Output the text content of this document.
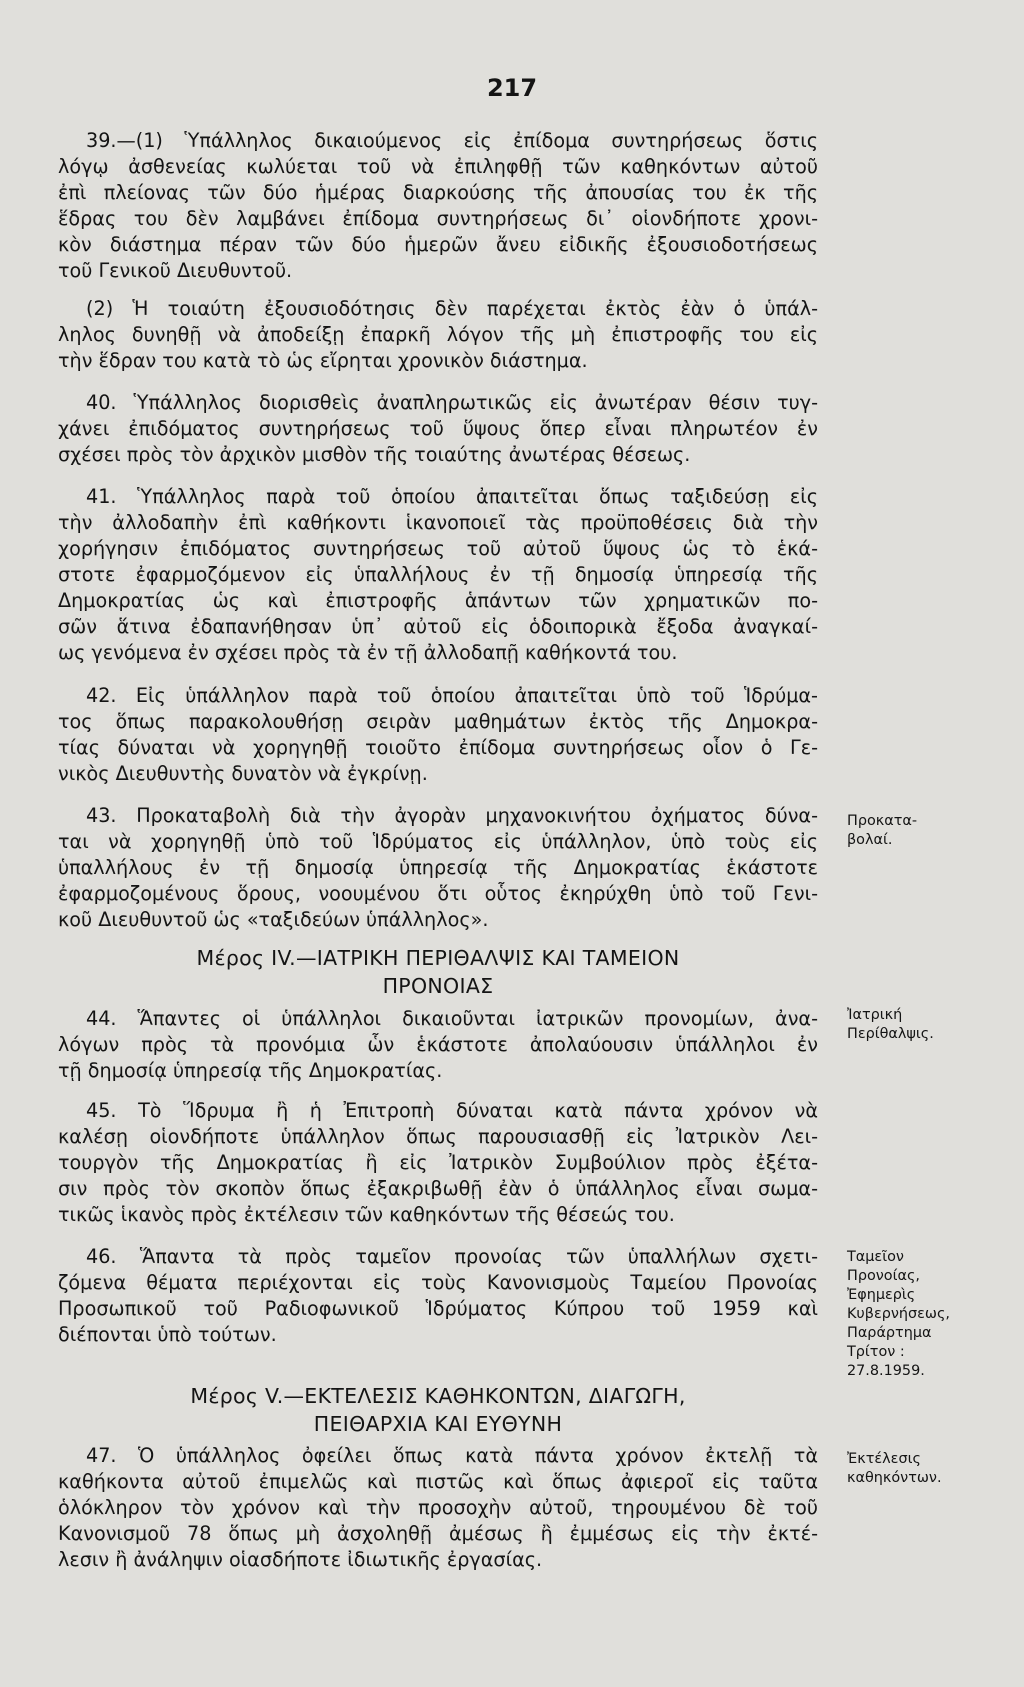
217
39.—(1) Ὑπάλληλος δικαιούμενος εἰς ἐπίδομα συντηρήσεως ὅστις
λόγῳ ἀσθενείας κωλύεται τοῦ νὰ ἐπιληφθῇ τῶν καθηκόντων αὐτοῦ
ἐπὶ πλείονας τῶν δύο ἡμέρας διαρκούσης τῆς ἀπουσίας του ἐκ τῆς
ἕδρας του δὲν λαμβάνει ἐπίδομα συντηρήσεως δι᾿ οἱονδήποτε χρονι-
κὸν διάστημα πέραν τῶν δύο ἡμερῶν ἄνευ εἰδικῆς ἐξουσιοδοτήσεως
τοῦ Γενικοῦ Διευθυντοῦ.
(2) Ἡ τοιαύτη ἐξουσιοδότησις δὲν παρέχεται ἐκτὸς ἐὰν ὁ ὑπάλ-
ληλος δυνηθῇ νὰ ἀποδείξῃ ἐπαρκῆ λόγον τῆς μὴ ἐπιστροφῆς του εἰς
τὴν ἕδραν του κατὰ τὸ ὡς εἴρηται χρονικὸν διάστημα.
40. Ὑπάλληλος διορισθεὶς ἀναπληρωτικῶς εἰς ἀνωτέραν θέσιν τυγ-
χάνει ἐπιδόματος συντηρήσεως τοῦ ὕψους ὅπερ εἶναι πληρωτέον ἐν
σχέσει πρὸς τὸν ἀρχικὸν μισθὸν τῆς τοιαύτης ἀνωτέρας θέσεως.
41. Ὑπάλληλος παρὰ τοῦ ὁποίου ἀπαιτεῖται ὅπως ταξιδεύσῃ εἰς
τὴν ἀλλοδαπὴν ἐπὶ καθήκοντι ἱκανοποιεῖ τὰς προϋποθέσεις διὰ τὴν
χορήγησιν ἐπιδόματος συντηρήσεως τοῦ αὐτοῦ ὕψους ὡς τὸ ἑκά-
στοτε ἐφαρμοζόμενον εἰς ὑπαλλήλους ἐν τῇ δημοσίᾳ ὑπηρεσίᾳ τῆς
Δημοκρατίας ὡς καὶ ἐπιστροφῆς ἁπάντων τῶν χρηματικῶν πο-
σῶν ἅτινα ἐδαπανήθησαν ὑπ᾿ αὐτοῦ εἰς ὁδοιπορικὰ ἔξοδα ἀναγκαί-
ως γενόμενα ἐν σχέσει πρὸς τὰ ἐν τῇ ἀλλοδαπῇ καθήκοντά του.
42. Εἰς ὑπάλληλον παρὰ τοῦ ὁποίου ἀπαιτεῖται ὑπὸ τοῦ Ἱδρύμα-
τος ὅπως παρακολουθήσῃ σειρὰν μαθημάτων ἐκτὸς τῆς Δημοκρα-
τίας δύναται νὰ χορηγηθῇ τοιοῦτο ἐπίδομα συντηρήσεως οἷον ὁ Γε-
νικὸς Διευθυντὴς δυνατὸν νὰ ἐγκρίνῃ.
43. Προκαταβολὴ διὰ τὴν ἀγορὰν μηχανοκινήτου ὀχήματος δύνα-
ται νὰ χορηγηθῇ ὑπὸ τοῦ Ἱδρύματος εἰς ὑπάλληλον, ὑπὸ τοὺς εἰς
ὑπαλλήλους ἐν τῇ δημοσίᾳ ὑπηρεσίᾳ τῆς Δημοκρατίας ἑκάστοτε
ἐφαρμοζομένους ὅρους, νοουμένου ὅτι οὗτος ἐκηρύχθη ὑπὸ τοῦ Γενι-
κοῦ Διευθυντοῦ ὡς «ταξιδεύων ὑπάλληλος».
44. Ἅπαντες οἱ ὑπάλληλοι δικαιοῦνται ἰατρικῶν προνομίων, ἀνα-
λόγων πρὸς τὰ προνόμια ὧν ἑκάστοτε ἀπολαύουσιν ὑπάλληλοι ἐν
τῇ δημοσίᾳ ὑπηρεσίᾳ τῆς Δημοκρατίας.
45. Τὸ Ἵδρυμα ἢ ἡ Ἐπιτροπὴ δύναται κατὰ πάντα χρόνον νὰ
καλέσῃ οἱονδήποτε ὑπάλληλον ὅπως παρουσιασθῇ εἰς Ἰατρικὸν Λει-
τουργὸν τῆς Δημοκρατίας ἢ εἰς Ἰατρικὸν Συμβούλιον πρὸς ἐξέτα-
σιν πρὸς τὸν σκοπὸν ὅπως ἐξακριβωθῇ ἐὰν ὁ ὑπάλληλος εἶναι σωμα-
τικῶς ἱκανὸς πρὸς ἐκτέλεσιν τῶν καθηκόντων τῆς θέσεώς του.
46. Ἅπαντα τὰ πρὸς ταμεῖον προνοίας τῶν ὑπαλλήλων σχετι-
ζόμενα θέματα περιέχονται εἰς τοὺς Κανονισμοὺς Ταμείου Προνοίας
Προσωπικοῦ τοῦ Ραδιοφωνικοῦ Ἱδρύματος Κύπρου τοῦ 1959 καὶ
διέπονται ὑπὸ τούτων.
47. Ὁ ὑπάλληλος ὀφείλει ὅπως κατὰ πάντα χρόνον ἐκτελῇ τὰ
καθήκοντα αὐτοῦ ἐπιμελῶς καὶ πιστῶς καὶ ὅπως ἀφιεροῖ εἰς ταῦτα
ὁλόκληρον τὸν χρόνον καὶ τὴν προσοχὴν αὐτοῦ, τηρουμένου δὲ τοῦ
Κανονισμοῦ 78 ὅπως μὴ ἀσχοληθῇ ἀμέσως ἢ ἐμμέσως εἰς τὴν ἐκτέ-
λεσιν ἢ ἀνάληψιν οἱασδήποτε ἰδιωτικῆς ἐργασίας.
Μέρος IV.—ΙΑΤΡΙΚΗ ΠΕΡΙΘΑΛΨΙΣ ΚΑΙ ΤΑΜΕΙΟΝ
ΠΡΟΝΟΙΑΣ
Μέρος V.—ΕΚΤΕΛΕΣΙΣ ΚΑΘΗΚΟΝΤΩΝ, ΔΙΑΓΩΓΗ,
ΠΕΙΘΑΡΧΙΑ ΚΑΙ ΕΥΘΥΝΗ
Προκατα-
βολαί.
Ἰατρική
Περίθαλψις.
Ταμεῖον
Προνοίας,
Ἐφημερὶς
Κυβερνήσεως,
Παράρτημα
Τρίτον :
27.8.1959.
Ἐκτέλεσις
καθηκόντων.
